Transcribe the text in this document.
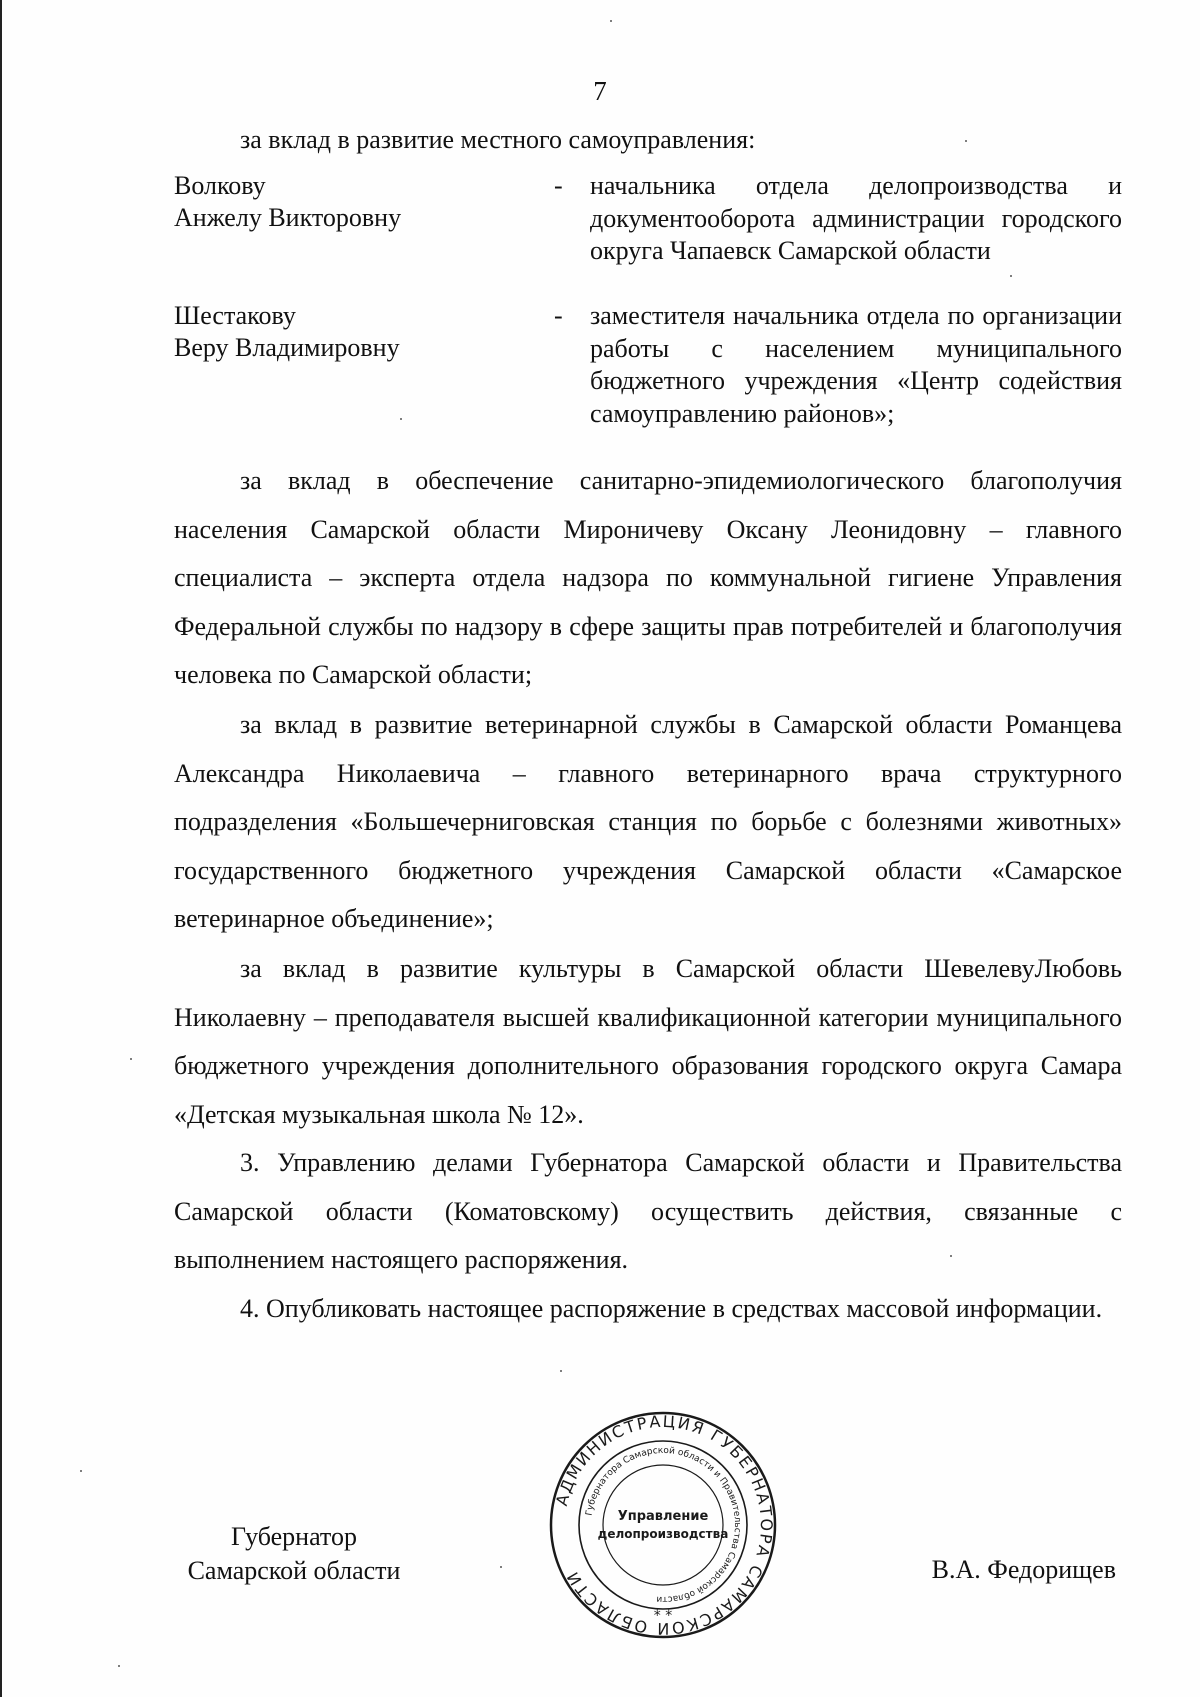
7
за вклад в развитие местного самоуправления:
Волкову
Анжелу Викторовну
- начальника отдела делопроизводства и документооборота администрации городского округа Чапаевск Самарской области
Шестакову
Веру Владимировну
- заместителя начальника отдела по организации работы с населением муниципального бюджетного учреждения «Центр содействия самоуправлению районов»;
за вклад в обеспечение санитарно-эпидемиологического благополучия населения Самарской области Мироничеву Оксану Леонидовну – главного специалиста – эксперта отдела надзора по коммунальной гигиене Управления Федеральной службы по надзору в сфере защиты прав потребителей и благополучия человека по Самарской области;
за вклад в развитие ветеринарной службы в Самарской области Романцева Александра Николаевича – главного ветеринарного врача структурного подразделения «Большечерниговская станция по борьбе с болезнями животных» государственного бюджетного учреждения Самарской области «Самарское ветеринарное объединение»;
за вклад в развитие культуры в Самарской области ШевелевуЛюбовь Николаевну – преподавателя высшей квалификационной категории муниципального бюджетного учреждения дополнительного образования городского округа Самара «Детская музыкальная школа № 12».
3. Управлению делами Губернатора Самарской области и Правительства Самарской области (Коматовскому) осуществить действия, связанные с выполнением настоящего распоряжения.
4. Опубликовать настоящее распоряжение в средствах массовой информации.
Губернатор
Самарской области	В.А. Федорищев
АДМИНИСТРАЦИЯ ГУБЕРНАТОРА САМАРСКОЙ ОБЛАСТИ
Губернатора Самарской области и Правительства Самарской области
Управление
делопроизводства
* *
